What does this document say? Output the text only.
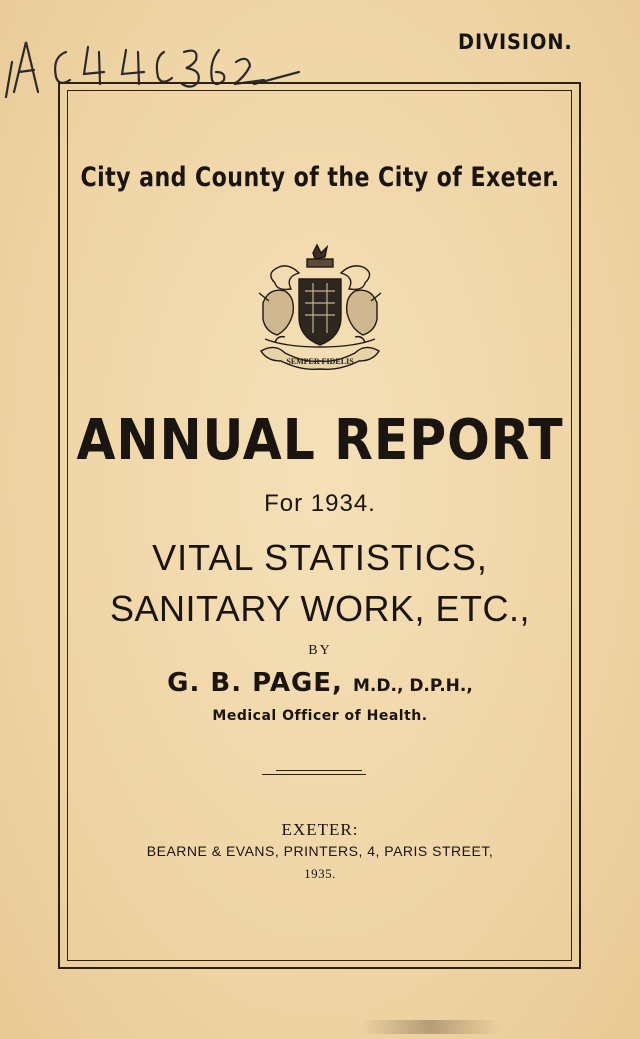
DIVISION.
City and County of the City of Exeter.
SEMPER FIDELIS
ANNUAL REPORT
For 1934.
VITAL STATISTICS,
SANITARY WORK, ETC.,
BY
G. B. PAGE, M.D., D.P.H.,
Medical Officer of Health.
EXETER:
BEARNE & EVANS, PRINTERS, 4, PARIS STREET,
1935.
